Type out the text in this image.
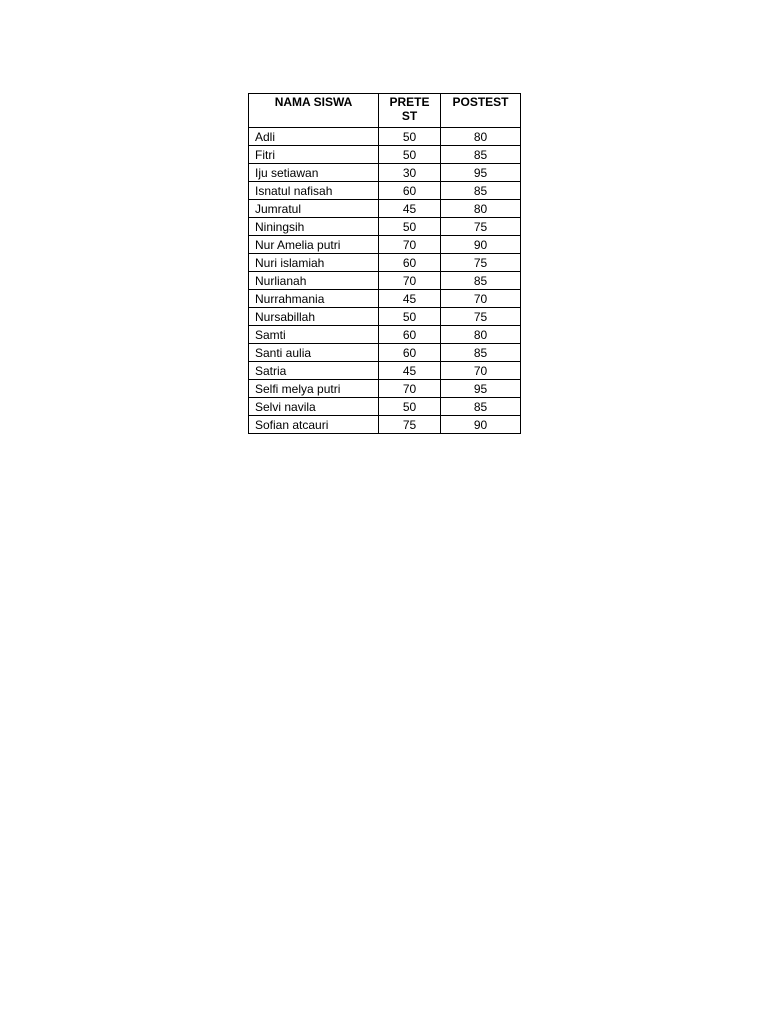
NAMA SISWA	PRETEST	POSTEST
Adli	50	80
Fitri	50	85
Iju setiawan	30	95
Isnatul nafisah	60	85
Jumratul	45	80
Niningsih	50	75
Nur Amelia putri	70	90
Nuri islamiah	60	75
Nurlianah	70	85
Nurrahmania	45	70
Nursabillah	50	75
Samti	60	80
Santi aulia	60	85
Satria	45	70
Selfi melya putri	70	95
Selvi navila	50	85
Sofian atcauri	75	90
